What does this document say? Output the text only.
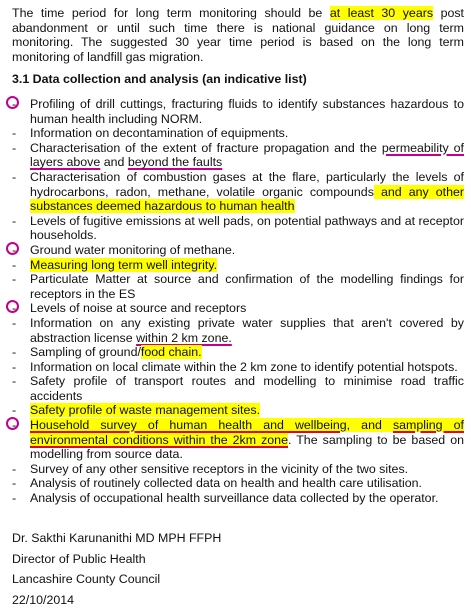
The time period for long term monitoring should be at least 30 years post abandonment or until such time there is national guidance on long term monitoring. The suggested 30 year time period is based on the long term monitoring of landfill gas migration.

3.1 Data collection and analysis (an indicative list)
- Profiling of drill cuttings, fracturing fluids to identify substances hazardous to human health including NORM.
- Information on decontamination of equipments.
- Characterisation of the extent of fracture propagation and the permeability of layers above and beyond the faults
- Characterisation of combustion gases at the flare, particularly the levels of hydrocarbons, radon, methane, volatile organic compounds and any other substances deemed hazardous to human health
- Levels of fugitive emissions at well pads, on potential pathways and at receptor households.
- Ground water monitoring of methane.
- Measuring long term well integrity.
- Particulate Matter at source and confirmation of the modelling findings for receptors in the ES
- Levels of noise at source and receptors
- Information on any existing private water supplies that aren't covered by abstraction license within 2 km zone.
- Sampling of ground/food chain.
- Information on local climate within the 2 km zone to identify potential hotspots.
- Safety profile of transport routes and modelling to minimise road traffic accidents
- Safety profile of waste management sites.
- Household survey of human health and wellbeing, and sampling of environmental conditions within the 2km zone. The sampling to be based on modelling from source data.
- Survey of any other sensitive receptors in the vicinity of the two sites.
- Analysis of routinely collected data on health and health care utilisation.
- Analysis of occupational health surveillance data collected by the operator.
Dr. Sakthi Karunanithi MD MPH FFPH
Director of Public Health
Lancashire County Council
22/10/2014
